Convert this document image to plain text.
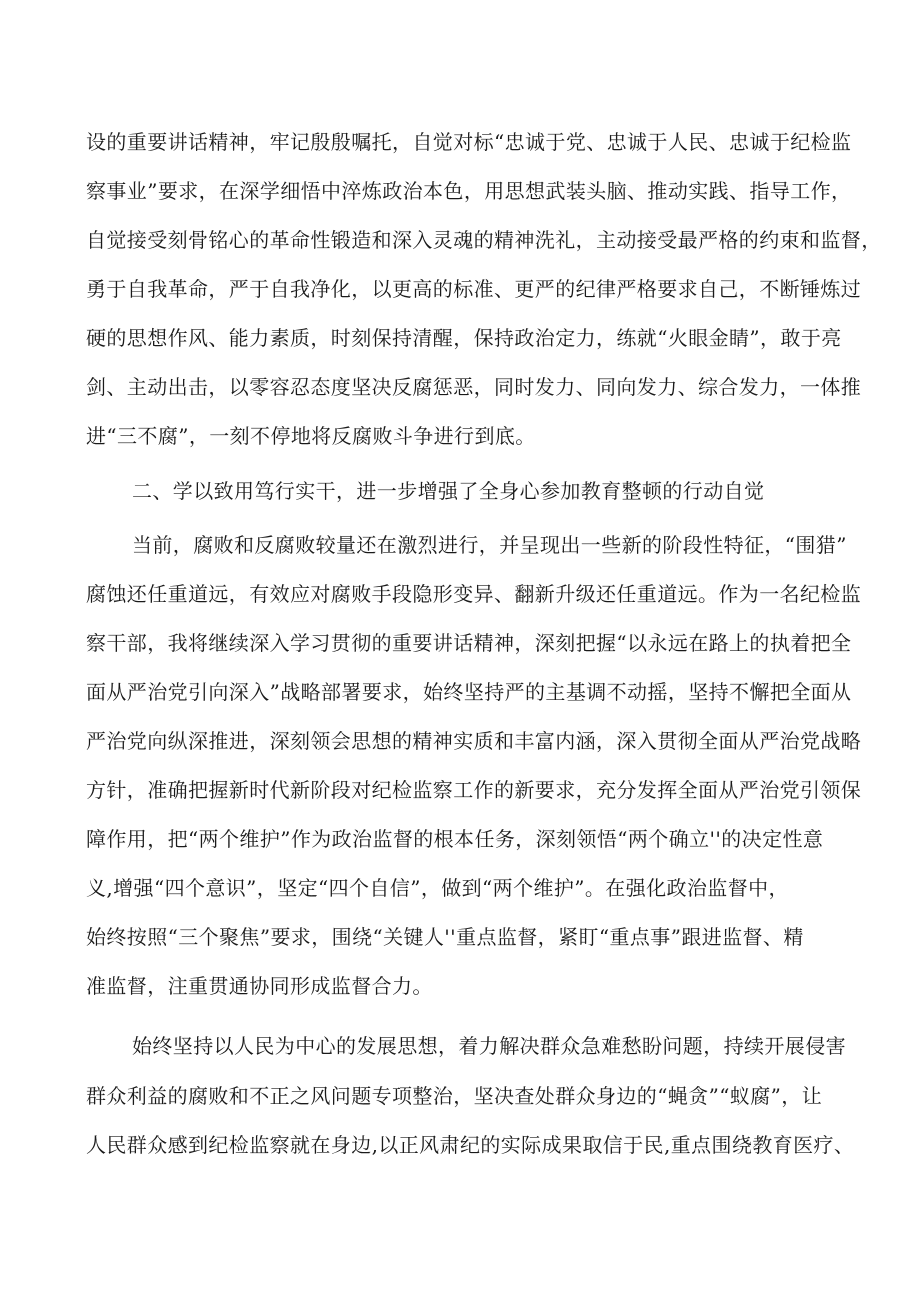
设的重要讲话精神，牢记殷殷嘱托，自觉对标“忠诚于党、忠诚于人民、忠诚于纪检监
察事业”要求，在深学细悟中淬炼政治本色，用思想武装头脑、推动实践、指导工作，
自觉接受刻骨铭心的革命性锻造和深入灵魂的精神洗礼，主动接受最严格的约束和监督，
勇于自我革命，严于自我净化，以更高的标准、更严的纪律严格要求自己，不断锤炼过
硬的思想作风、能力素质，时刻保持清醒，保持政治定力，练就“火眼金睛”，敢于亮
剑、主动出击，以零容忍态度坚决反腐惩恶，同时发力、同向发力、综合发力，一体推
进“三不腐”，一刻不停地将反腐败斗争进行到底。
二、学以致用笃行实干，进一步增强了全身心参加教育整顿的行动自觉
当前，腐败和反腐败较量还在激烈进行，并呈现出一些新的阶段性特征，“围猎”
腐蚀还任重道远，有效应对腐败手段隐形变异、翻新升级还任重道远。作为一名纪检监
察干部，我将继续深入学习贯彻的重要讲话精神，深刻把握“以永远在路上的执着把全
面从严治党引向深入”战略部署要求，始终坚持严的主基调不动摇，坚持不懈把全面从
严治党向纵深推进，深刻领会思想的精神实质和丰富内涵，深入贯彻全面从严治党战略
方针，准确把握新时代新阶段对纪检监察工作的新要求，充分发挥全面从严治党引领保
障作用，把“两个维护”作为政治监督的根本任务，深刻领悟“两个确立''的决定性意
义,增强“四个意识”，坚定“四个自信”，做到“两个维护”。在强化政治监督中，
始终按照“三个聚焦”要求，围绕“关键人''重点监督，紧盯“重点事”跟进监督、精
准监督，注重贯通协同形成监督合力。
始终坚持以人民为中心的发展思想，着力解决群众急难愁盼问题，持续开展侵害
群众利益的腐败和不正之风问题专项整治，坚决查处群众身边的“蝇贪”“蚁腐”，让
人民群众感到纪检监察就在身边,以正风肃纪的实际成果取信于民,重点围绕教育医疗、
